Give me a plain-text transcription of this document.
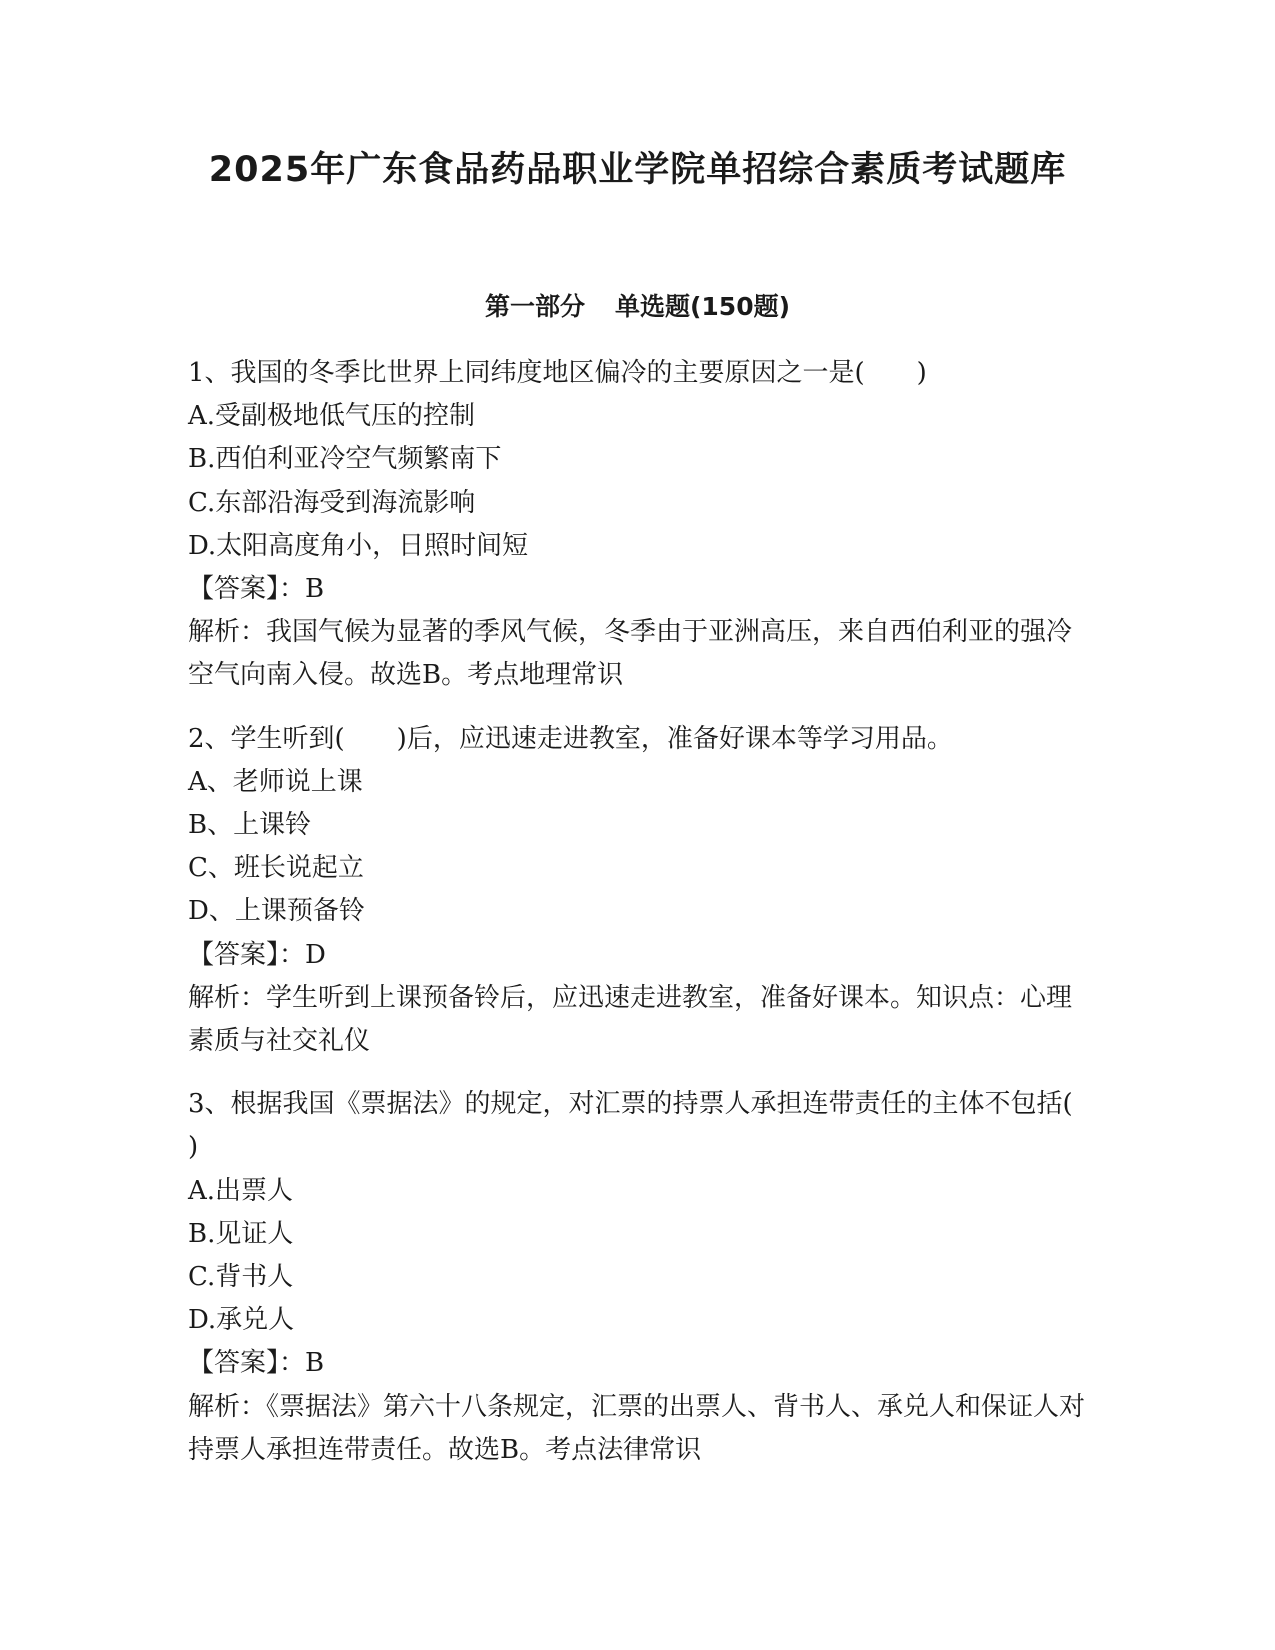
2025年广东食品药品职业学院单招综合素质考试题库
第一部分 单选题(150题)
1、我国的冬季比世界上同纬度地区偏冷的主要原因之一是(　　)
A.受副极地低气压的控制
B.西伯利亚冷空气频繁南下
C.东部沿海受到海流影响
D.太阳高度角小，日照时间短
【答案】：B
解析：我国气候为显著的季风气候，冬季由于亚洲高压，来自西伯利亚的强冷空气向南入侵。故选B。考点地理常识
2、学生听到(　　)后，应迅速走进教室，准备好课本等学习用品。
A、老师说上课
B、上课铃
C、班长说起立
D、上课预备铃
【答案】：D
解析：学生听到上课预备铃后，应迅速走进教室，准备好课本。知识点：心理素质与社交礼仪
3、根据我国《票据法》的规定，对汇票的持票人承担连带责任的主体不包括(　　)
A.出票人
B.见证人
C.背书人
D.承兑人
【答案】：B
解析：《票据法》第六十八条规定，汇票的出票人、背书人、承兑人和保证人对持票人承担连带责任。故选B。考点法律常识
